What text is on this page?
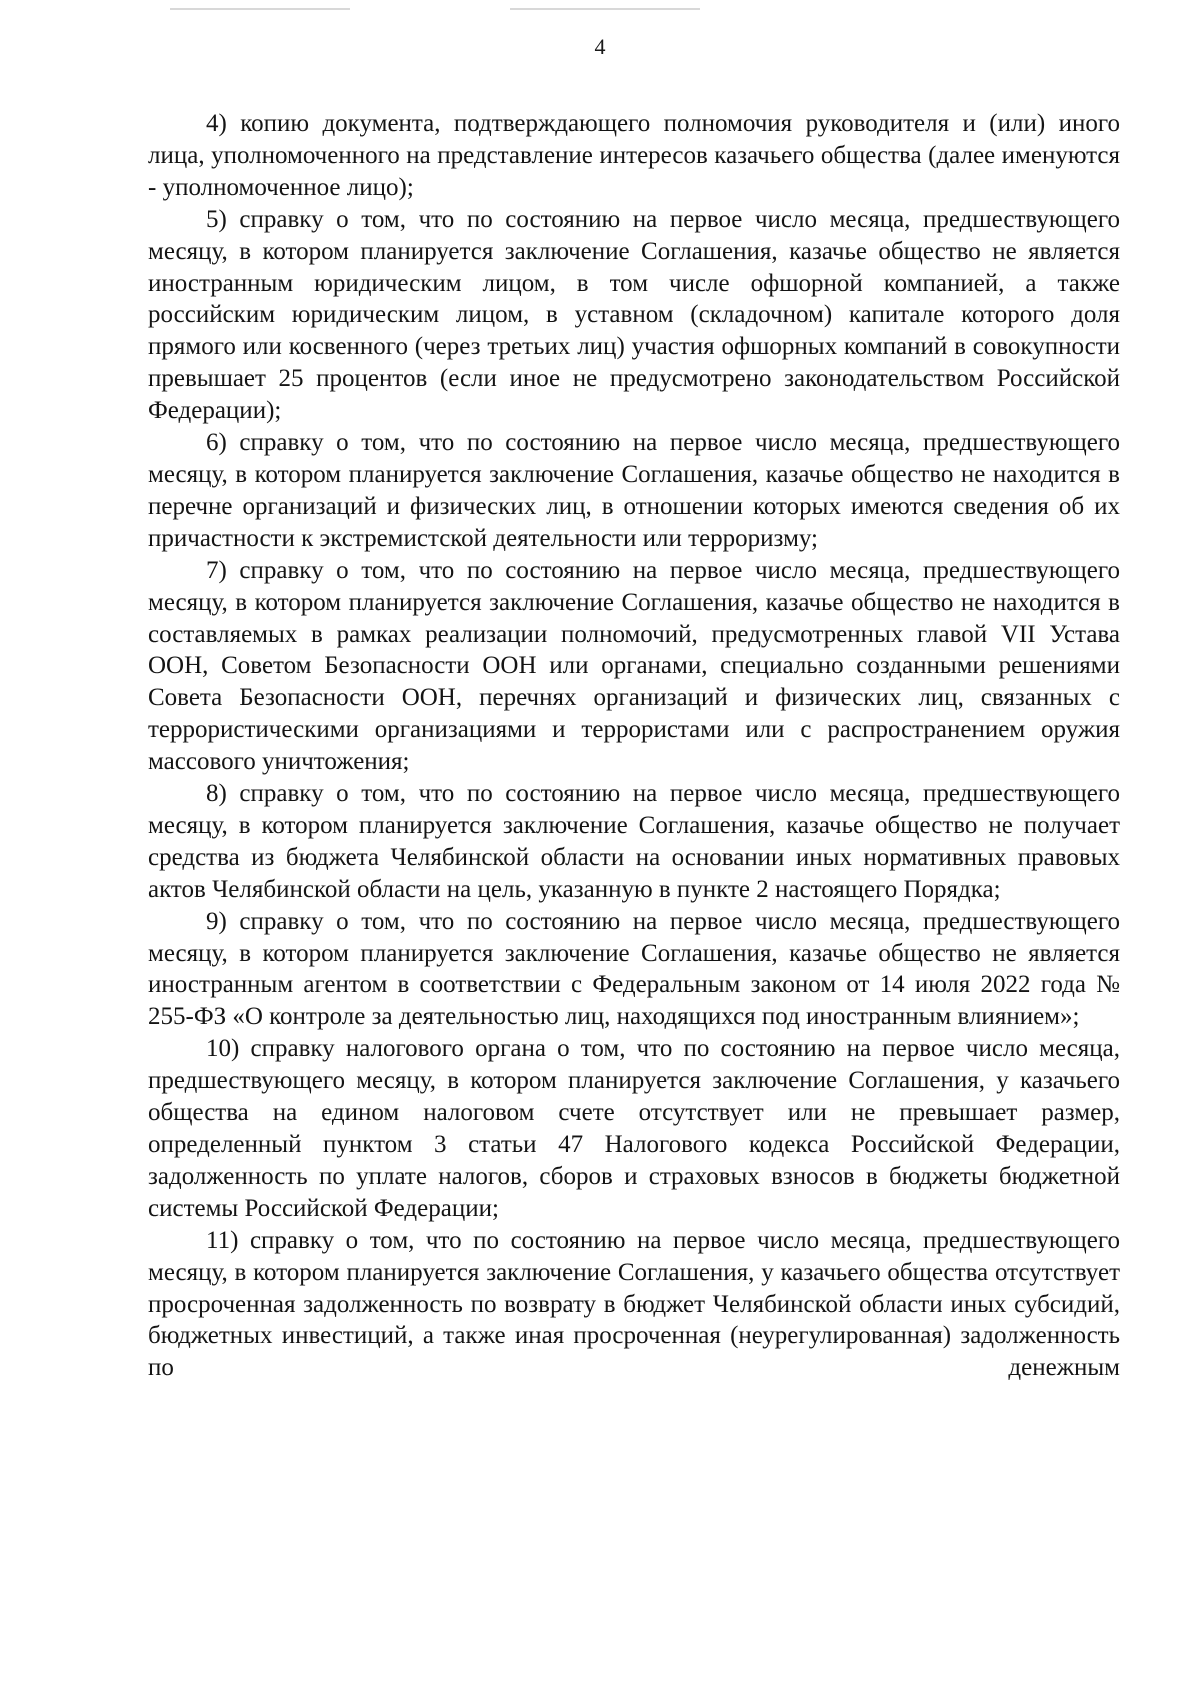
4

4) копию документа, подтверждающего полномочия руководителя и (или) иного лица, уполномоченного на представление интересов казачьего общества (далее именуются - уполномоченное лицо);

5) справку о том, что по состоянию на первое число месяца, предшествующего месяцу, в котором планируется заключение Соглашения, казачье общество не является иностранным юридическим лицом, в том числе офшорной компанией, а также российским юридическим лицом, в уставном (складочном) капитале которого доля прямого или косвенного (через третьих лиц) участия офшорных компаний в совокупности превышает 25 процентов (если иное не предусмотрено законодательством Российской Федерации);

6) справку о том, что по состоянию на первое число месяца, предшествующего месяцу, в котором планируется заключение Соглашения, казачье общество не находится в перечне организаций и физических лиц, в отношении которых имеются сведения об их причастности к экстремистской деятельности или терроризму;

7) справку о том, что по состоянию на первое число месяца, предшествующего месяцу, в котором планируется заключение Соглашения, казачье общество не находится в составляемых в рамках реализации полномочий, предусмотренных главой VII Устава ООН, Советом Безопасности ООН или органами, специально созданными решениями Совета Безопасности ООН, перечнях организаций и физических лиц, связанных с террористическими организациями и террористами или с распространением оружия массового уничтожения;

8) справку о том, что по состоянию на первое число месяца, предшествующего месяцу, в котором планируется заключение Соглашения, казачье общество не получает средства из бюджета Челябинской области на основании иных нормативных правовых актов Челябинской области на цель, указанную в пункте 2 настоящего Порядка;

9) справку о том, что по состоянию на первое число месяца, предшествующего месяцу, в котором планируется заключение Соглашения, казачье общество не является иностранным агентом в соответствии с Федеральным законом от 14 июля 2022 года № 255-ФЗ «О контроле за деятельностью лиц, находящихся под иностранным влиянием»;

10) справку налогового органа о том, что по состоянию на первое число месяца, предшествующего месяцу, в котором планируется заключение Соглашения, у казачьего общества на едином налоговом счете отсутствует или не превышает размер, определенный пунктом 3 статьи 47 Налогового кодекса Российской Федерации, задолженность по уплате налогов, сборов и страховых взносов в бюджеты бюджетной системы Российской Федерации;

11) справку о том, что по состоянию на первое число месяца, предшествующего месяцу, в котором планируется заключение Соглашения, у казачьего общества отсутствует просроченная задолженность по возврату в бюджет Челябинской области иных субсидий, бюджетных инвестиций, а также иная просроченная (неурегулированная) задолженность по денежным
